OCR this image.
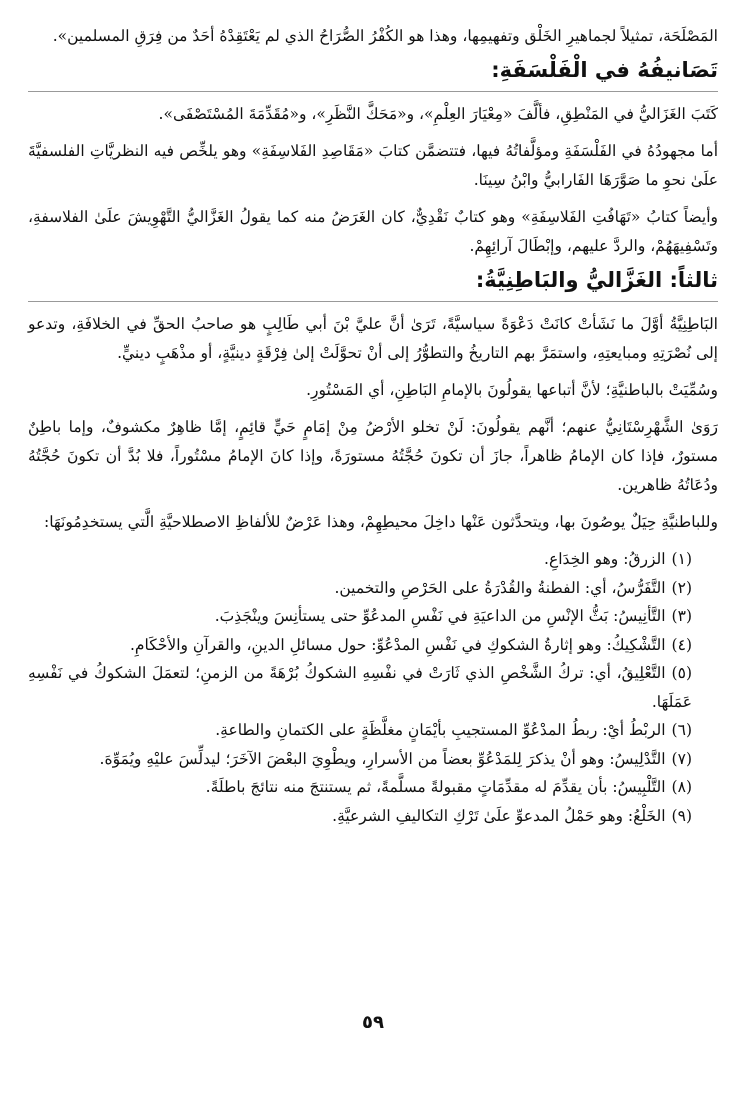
المَصْلَحَة، تمثيلاً لجماهيرِ الخَلْق وتفهيمِها، وهذا هو الكُفْرُ الصُّرَاحُ الذي لم يَعْتَقِدْهُ أحَدٌ من فِرَقِ المسلمين».

تَصَانيفُهُ في الْفَلْسَفَةِ:

كَتَبَ الغَزَاليُّ في المَنْطِقِ، فألَّفَ «مِعْيَارَ العِلْمِ»، و«مَحَكَّ النَّظَرِ»، و«مُقَدِّمَةَ المُسْتَصْفَى».

أما مجهودُهُ في الفَلْسَفَةِ ومؤلَّفاتُهُ فيها، فتتضمَّن كتابَ «مَقَاصِدِ الفَلاسِفَةِ» وهو يلخِّص فيه النظريَّاتِ الفلسفيَّةَ علَىٰ نحوِ ما صَوَّرَهَا الفَارابيُّ وابْنُ سِينَا.

وأيضاً كتابُ «تَهَافُتِ الفَلاسِفَةِ» وهو كتابٌ نَقْدِيٌّ، كان الغَرَضُ منه كما يقولُ الغَزَّاليُّ التَّهْوِيشَ علَىٰ الفلاسفةِ، وتَسْفِيهَهُمْ، والردَّ عليهم، وإبْطَالَ آرائِهِمْ.

ثالثاً: الغَزَّاليُّ والبَاطِنِيَّةُ:

البَاطِنِيَّةُ أوَّلَ ما نَشَأتْ كانَتْ دَعْوَةً سياسيَّةً، تَرَىٰ أنَّ عليَّ بْنَ أبي طَالِبٍ هو صاحبُ الحقِّ في الخلافَةِ، وتدعو إلى نُصْرَتِهِ ومبايعتِهِ، واستمَرَّ بهم التاريخُ والتطوُّرُ إلى أنْ تحوَّلَتْ إلىٰ فِرْقَةٍ دينيَّةٍ، أو مذْهَبٍ دينيٍّ.

وسُمِّيَتْ بالباطنيَّةِ؛ لأنَّ أتباعها يقولُونَ بالإمامِ البَاطِنِ، أي المَسْتُورِ.

رَوَىٰ الشَّهْرِسْتَانِيُّ عنهم؛ أنَّهم يقولُونَ: لَنْ تخلو الأرْضُ مِنْ إمَامٍ حَيٍّ قائِمٍ، إمَّا ظاهِرٌ مكشوفٌ، وإما باطِنٌ مستورٌ، فإذا كان الإمامُ ظاهراً، جازَ أن تكونَ حُجَّتُهُ مستورَةً، وإذا كانَ الإمامُ مسْتُوراً، فلا بُدَّ أن تكونَ حُجَّتُهُ ودُعَاتُهُ ظاهرين.

وللباطنيَّةِ حِيَلٌ يوصُونَ بها، ويتحدَّثون عَنْها داخِلَ محيطِهِمْ، وهذا عَرْضٌ للألفاظِ الاصطلاحيَّةِ الَّتي يستخدِمُونَهَا:

(١)الزرقُ: وهو الخِدَاعِ.
(٢)التَّفَرُّسُ، أي: الفطنةُ والقُدْرَةُ على الحَرْصِ والتخمين.
(٣)التَّأنِيسُ: بَثُّ الإنْسِ من الداعيَةِ في نَفْسِ المدعُوِّ حتى يستأنِسَ وينْجَذِبَ.
(٤)التَّشْكِيكُ: وهو إثارةُ الشكوكِ في نَفْسِ المدْعُوِّ: حول مسائلِ الدينِ، والقرآنِ والأحْكَامِ.
(٥)التَّعْلِيقُ، أي: تركُ الشَّخْصِ الذي ثَارَتْ في نفْسِهِ الشكوكُ بُرْهَةً من الزمنِ؛ لتعمَلَ الشكوكُ في نَفْسِهِ عَمَلَهَا.
(٦)الربْطُ أيْ: ربطُ المدْعُوِّ المستجيبِ بأيْمَانٍ مغلَّظَةٍ على الكتمانِ والطاعةِ.
(٧)التَّدْلِيسُ: وهو أنْ يذكرَ لِلمَدْعُوِّ بعضاً من الأسرارِ، ويطْوِيَ البعْضَ الآخَرَ؛ ليدلِّسَ عليْهِ ويُمَوِّهَ.
(٨)التَّلْبِيسُ: بأن يقدِّمَ له مقدِّمَاتٍ مقبولةً مسلَّمةً، ثم يستنتجَ منه نتائجَ باطلَةً.
(٩)الخَلْعُ: وهو حَمْلُ المدعوِّ علَىٰ تَرْكِ التكاليفِ الشرعيَّةِ.
٥٩
